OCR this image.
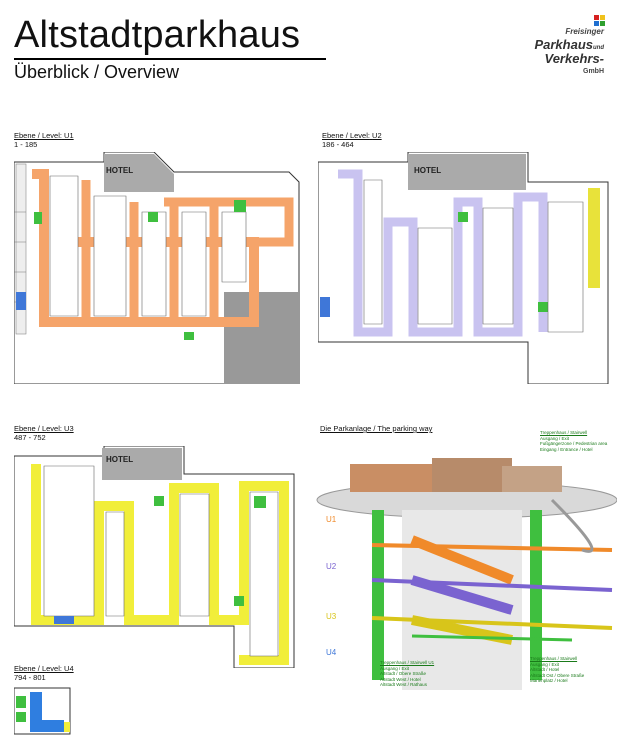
Altstadtparkhaus
Überblick / Overview
Freisinger
Parkhausund
Verkehrs-
GmbH
Ebene / Level: U1
1 - 185
HOTEL
Ebene / Level: U2
186 - 464
HOTEL
Ebene / Level: U3
487 - 752
HOTEL
Ebene / Level: U4
794 - 801
Die Parkanlage / The parking way
U1
U2
U3
U4
Treppenhaus / Stairwell
Ausgang / Exit
Fußgängerzone / Pedestrian area
Eingang / Entrance / Hotel
Treppenhaus / Stairwell U1
Ausgang / Exit
Altstadt / Obere Straße
Altstadt West / Hotel
Altstadt West / Rathaus
Treppenhaus / Stairwell
Ausgang / Exit
Altstadt / Hotel
Altstadt Ost / Obere Straße
Marienplatz / Hotel
